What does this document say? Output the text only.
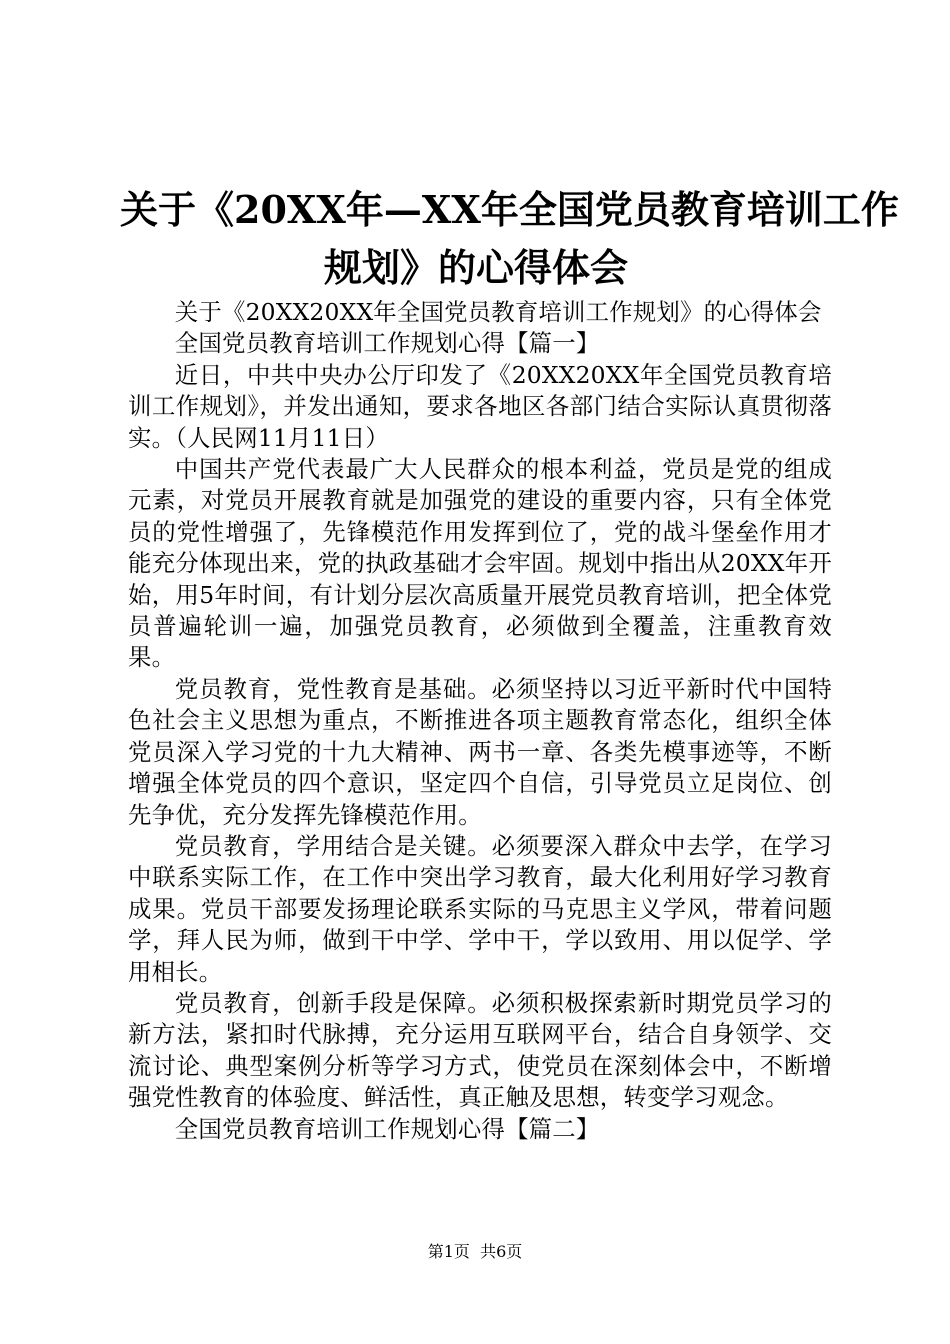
关于《20XX年—XX年全国党员教育培训工作
规划》的心得体会

关于《20XX20XX年全国党员教育培训工作规划》的心得体会

全国党员教育培训工作规划心得【篇一】

近日，中共中央办公厅印发了《20XX20XX年全国党员教育培训工作规划》，并发出通知，要求各地区各部门结合实际认真贯彻落实。（人民网11月11日）

中国共产党代表最广大人民群众的根本利益，党员是党的组成元素，对党员开展教育就是加强党的建设的重要内容，只有全体党员的党性增强了，先锋模范作用发挥到位了，党的战斗堡垒作用才能充分体现出来，党的执政基础才会牢固。规划中指出从20XX年开始，用5年时间，有计划分层次高质量开展党员教育培训，把全体党员普遍轮训一遍，加强党员教育，必须做到全覆盖，注重教育效果。

党员教育，党性教育是基础。必须坚持以习近平新时代中国特色社会主义思想为重点，不断推进各项主题教育常态化，组织全体党员深入学习党的十九大精神、两书一章、各类先模事迹等，不断增强全体党员的四个意识，坚定四个自信，引导党员立足岗位、创先争优，充分发挥先锋模范作用。

党员教育，学用结合是关键。必须要深入群众中去学，在学习中联系实际工作，在工作中突出学习教育，最大化利用好学习教育成果。党员干部要发扬理论联系实际的马克思主义学风，带着问题学，拜人民为师，做到干中学、学中干，学以致用、用以促学、学用相长。

党员教育，创新手段是保障。必须积极探索新时期党员学习的新方法，紧扣时代脉搏，充分运用互联网平台，结合自身领学、交流讨论、典型案例分析等学习方式，使党员在深刻体会中，不断增强党性教育的体验度、鲜活性，真正触及思想，转变学习观念。

全国党员教育培训工作规划心得【篇二】

第1页  共6页
